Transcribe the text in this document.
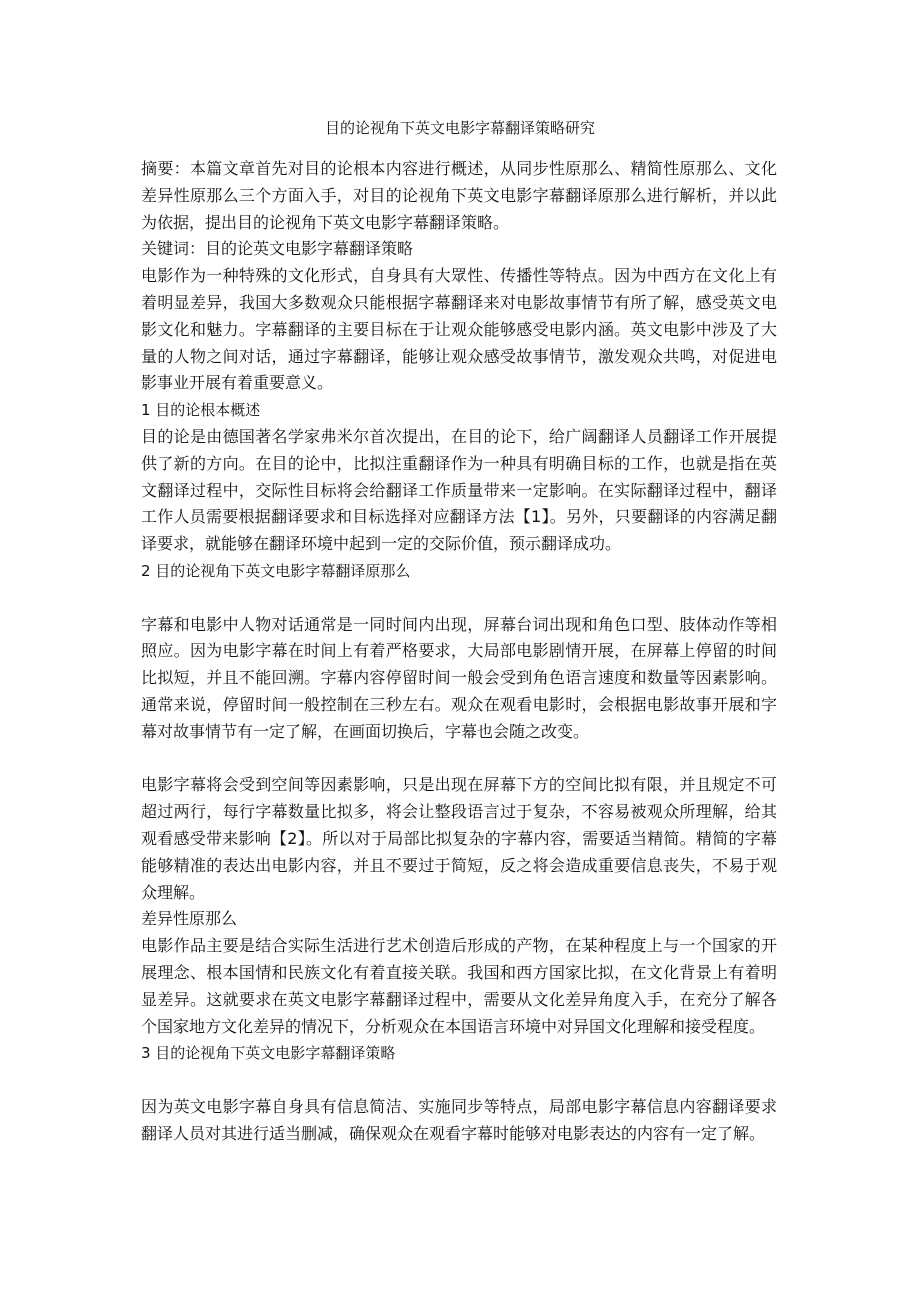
目的论视角下英文电影字幕翻译策略研究

摘要：本篇文章首先对目的论根本内容进行概述，从同步性原那么、精简性原那么、文化差异性原那么三个方面入手，对目的论视角下英文电影字幕翻译原那么进行解析，并以此为依据，提出目的论视角下英文电影字幕翻译策略。

关键词：目的论英文电影字幕翻译策略

电影作为一种特殊的文化形式，自身具有大眾性、传播性等特点。因为中西方在文化上有着明显差异，我国大多数观众只能根据字幕翻译来对电影故事情节有所了解，感受英文电影文化和魅力。字幕翻译的主要目标在于让观众能够感受电影内涵。英文电影中涉及了大量的人物之间对话，通过字幕翻译，能够让观众感受故事情节，激发观众共鸣，对促进电影事业开展有着重要意义。

1 目的论根本概述

目的论是由德国著名学家弗米尔首次提出，在目的论下，给广阔翻译人员翻译工作开展提供了新的方向。在目的论中，比拟注重翻译作为一种具有明确目标的工作，也就是指在英文翻译过程中，交际性目标将会给翻译工作质量带来一定影响。在实际翻译过程中，翻译工作人员需要根据翻译要求和目标选择对应翻译方法【1】。另外，只要翻译的内容满足翻译要求，就能够在翻译环境中起到一定的交际价值，预示翻译成功。

2 目的论视角下英文电影字幕翻译原那么

字幕和电影中人物对话通常是一同时间内出现，屏幕台词出现和角色口型、肢体动作等相照应。因为电影字幕在时间上有着严格要求，大局部电影剧情开展，在屏幕上停留的时间比拟短，并且不能回溯。字幕内容停留时间一般会受到角色语言速度和数量等因素影响。通常来说，停留时间一般控制在三秒左右。观众在观看电影时，会根据电影故事开展和字幕对故事情节有一定了解，在画面切换后，字幕也会随之改变。

电影字幕将会受到空间等因素影响，只是出现在屏幕下方的空间比拟有限，并且规定不可超过两行，每行字幕数量比拟多，将会让整段语言过于复杂，不容易被观众所理解，给其观看感受带来影响【2】。所以对于局部比拟复杂的字幕内容，需要适当精简。精简的字幕能够精准的表达出电影内容，并且不要过于简短，反之将会造成重要信息丧失，不易于观众理解。

差异性原那么

电影作品主要是结合实际生活进行艺术创造后形成的产物，在某种程度上与一个国家的开展理念、根本国情和民族文化有着直接关联。我国和西方国家比拟，在文化背景上有着明显差异。这就要求在英文电影字幕翻译过程中，需要从文化差异角度入手，在充分了解各个国家地方文化差异的情况下，分析观众在本国语言环境中对异国文化理解和接受程度。

3 目的论视角下英文电影字幕翻译策略

因为英文电影字幕自身具有信息简洁、实施同步等特点，局部电影字幕信息内容翻译要求翻译人员对其进行适当删减，确保观众在观看字幕时能够对电影表达的内容有一定了解。
